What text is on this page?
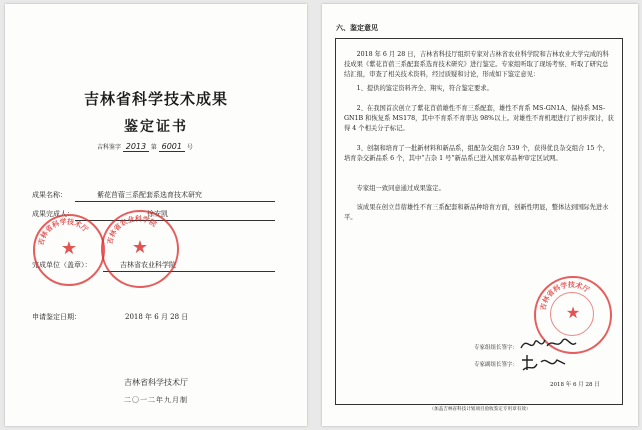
吉林省科学技术成果
鉴定证书
吉科鉴字 2013 第 6001 号
成果名称：	紫花苜蓿三系配套系选育技术研究
成果完成人：	徐安凯
完成单位（盖章）：	吉林省农业科学院
申请鉴定日期：	2018 年 6 月 28 日
吉林省科学技术厅
★	吉林省农业科学院
★
吉林省科学技术厅
二〇一二年九月制
六、鉴定意见
2018 年 6 月 28 日，吉林省科技厅组织专家对吉林省农业科学院和吉林农业大学完成的科技成果《紫花苜蓿三系配套系选育技术研究》进行鉴定。专家组听取了现场考察、听取了研究总结汇报，审查了相关技术资料，经过质疑和讨论，形成如下鉴定意见：
1、提供的鉴定资料齐全、翔实，符合鉴定要求。
2、在我国首次创立了紫花苜蓿雄性不育三系配套，雄性不育系 MS-GN1A、保持系 MS-GN1B 和恢复系 MS178，其中不育系不育率达 98%以上。对雄性不育机理进行了初步探讨，获得 4 个相关分子标记。
3、创制和培育了一批新材料和新品系，组配杂交组合 539 个，获得优良杂交组合 15 个，培育杂交新品系 6 个，其中“吉杂 1 号”新品系已进入国家草品种审定区试网。
专家组一致同意通过成果鉴定。
该成果在创立苜蓿雄性不育三系配套和新品种培育方面，创新性明显，整体达到国际先进水平。
吉林省科学技术厅
★
专家组组长签字：
专家副组长签字：
2018 年 6 月 28 日
（加盖吉林省科技计划项目验收鉴定专用章有效）
